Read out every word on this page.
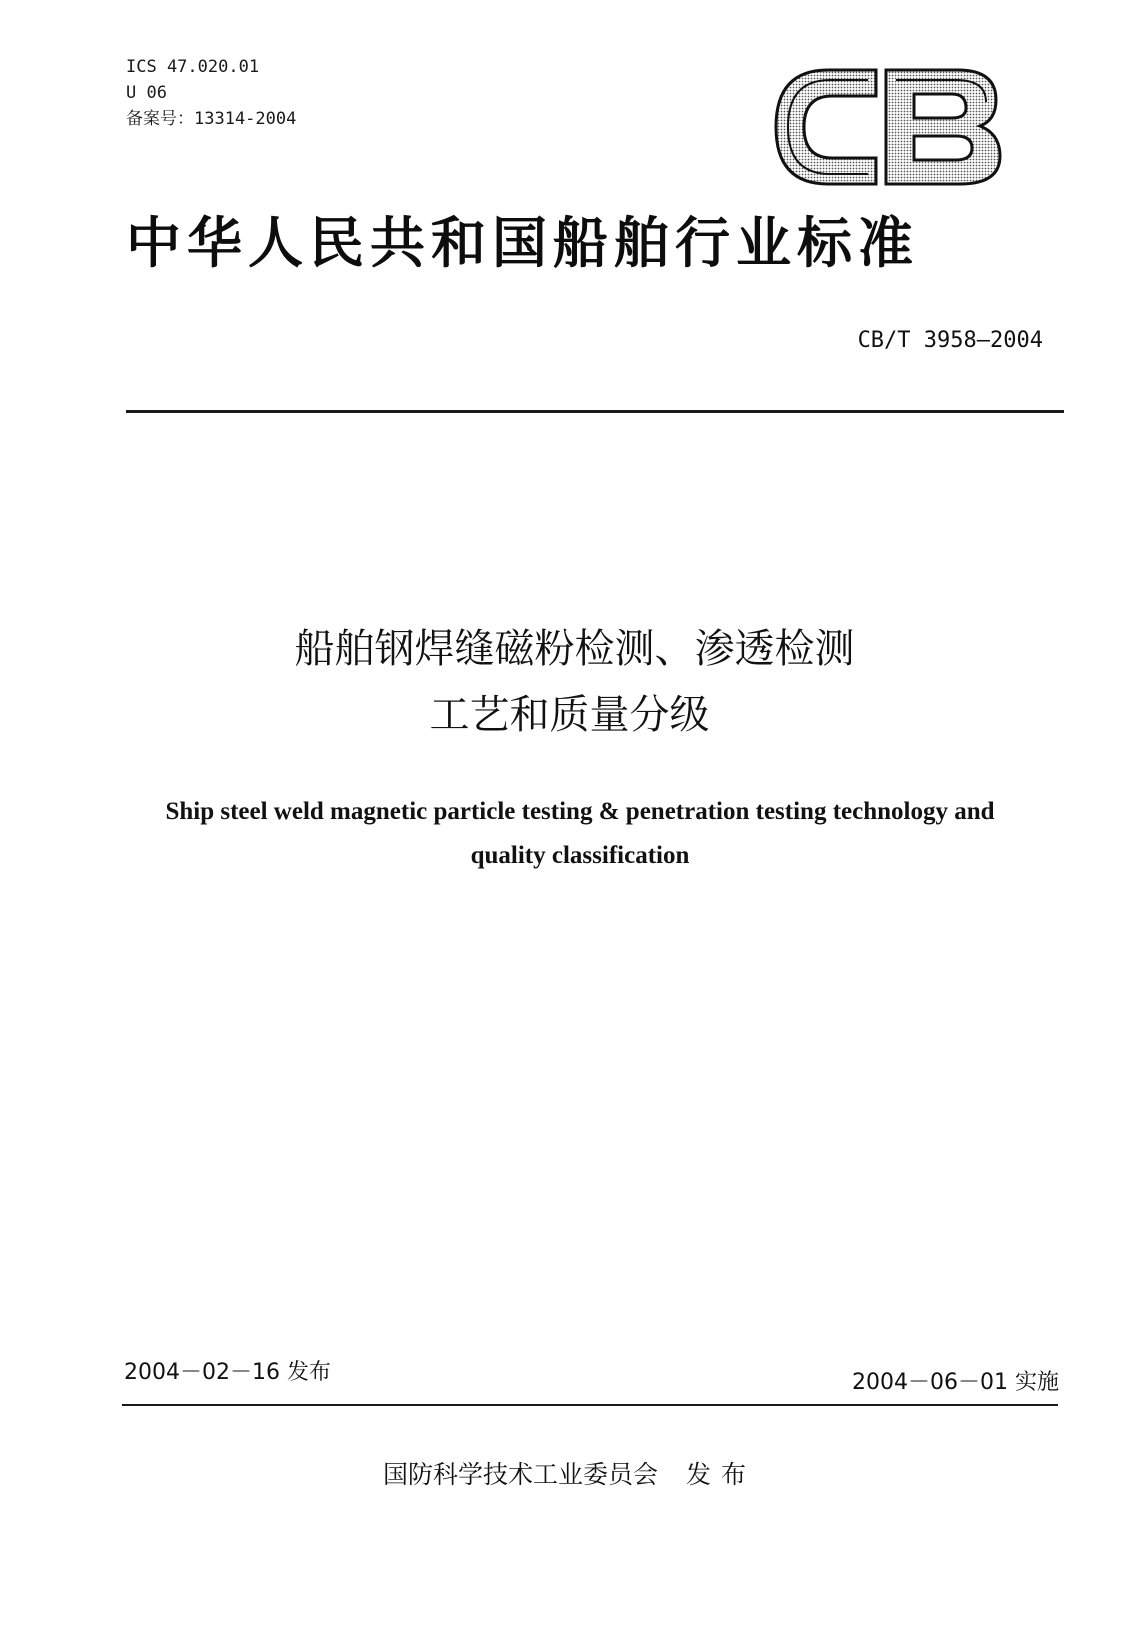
ICS 47.020.01
U 06
备案号：13314-2004
中华人民共和国船舶行业标准
CB/T 3958—2004
船舶钢焊缝磁粉检测、渗透检测
工艺和质量分级
Ship steel weld magnetic particle testing & penetration testing technology and
quality classification
2004－02－16 发布	2004－06－01 实施
国防科学技术工业委员会 发布
